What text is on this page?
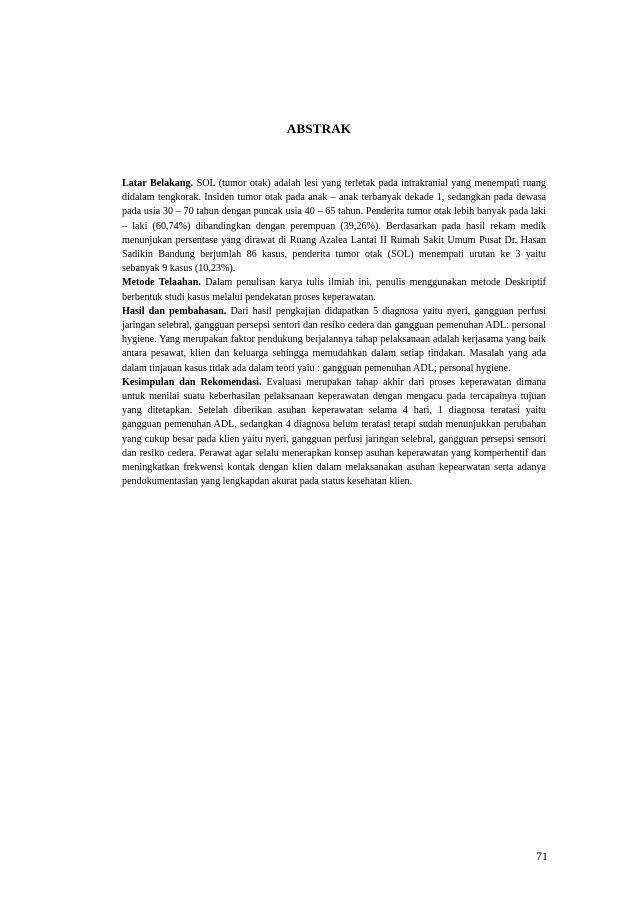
ABSTRAK

Latar Belakang. SOL (tumor otak) adalah lesi yang terletak pada intrakranial yang menempati ruang didalam tengkorak. Insiden tumor otak pada anak – anak terbanyak dekade 1, sedangkan pada dewasa pada usia 30 – 70 tahun dengan puncak usia 40 – 65 tahun. Penderita tumor otak lebih banyak pada laki – laki (60,74%) dibandingkan dengan perempuan (39,26%). Berdasarkan pada hasil rekam medik menunjukan persentase yang dirawat di Ruang Azalea Lantai II Rumah Sakit Umum Pusat Dr. Hasan Sadikin Bandung berjumlah 86 kasus, penderita tumor otak (SOL) menempati urutan ke 3 yaitu sebanyak 9 kasus (10,23%).

Metode Telaahan. Dalam penulisan karya tulis ilmiah ini, penulis menggunakan metode Deskriptif berbentuk studi kasus melalui pendekatan proses keperawatan.

Hasil dan pembahasan. Dari hasil pengkajian didapatkan 5 diagnosa yaitu nyeri, gangguan perfusi jaringan selebral, gangguan persepsi sentori dan resiko cedera dan gangguan pemenuhan ADL: personal hygiene. Yang merupakan faktor pendukung berjalannya tahap pelaksanaan adalah kerjasama yang baik antara pesawat, klien dan keluarga sehingga memudahkan dalam setiap tindakan. Masalah yang ada dalam tinjauan kasus tidak ada dalam teori yaiu : gangguan pemenuhan ADL; personal hygiene.

Kesimpulan dan Rekomendasi. Evaluasi merupakan tahap akhir dari proses keperawatan dimana untuk menilai suatu keberhasilan pelaksanaan keperawatan dengan mengacu pada tercapainya tujuan yang ditetapkan. Setelah diberikan asuhan keperawatan selama 4 hari, 1 diagnosa teratasi yaitu gangguan pemenuhan ADL, sedangkan 4 diagnosa belum teratasi tetapi sudah menunjukkan perubahan yang cukup besar pada klien yaitu nyeri, gangguan perfusi jaringan selebral, gangguan persepsi sensori dan resiko cedera. Perawat agar selalu menerapkan konsep asuhan keperawatan yang komperhentif dan meningkatkan frekwensi kontak dengan klien dalam melaksanakan asuhan kepearwatan serta adanya pendokumentasian yang lengkapdan akurat pada status kesehatan klien.

71
